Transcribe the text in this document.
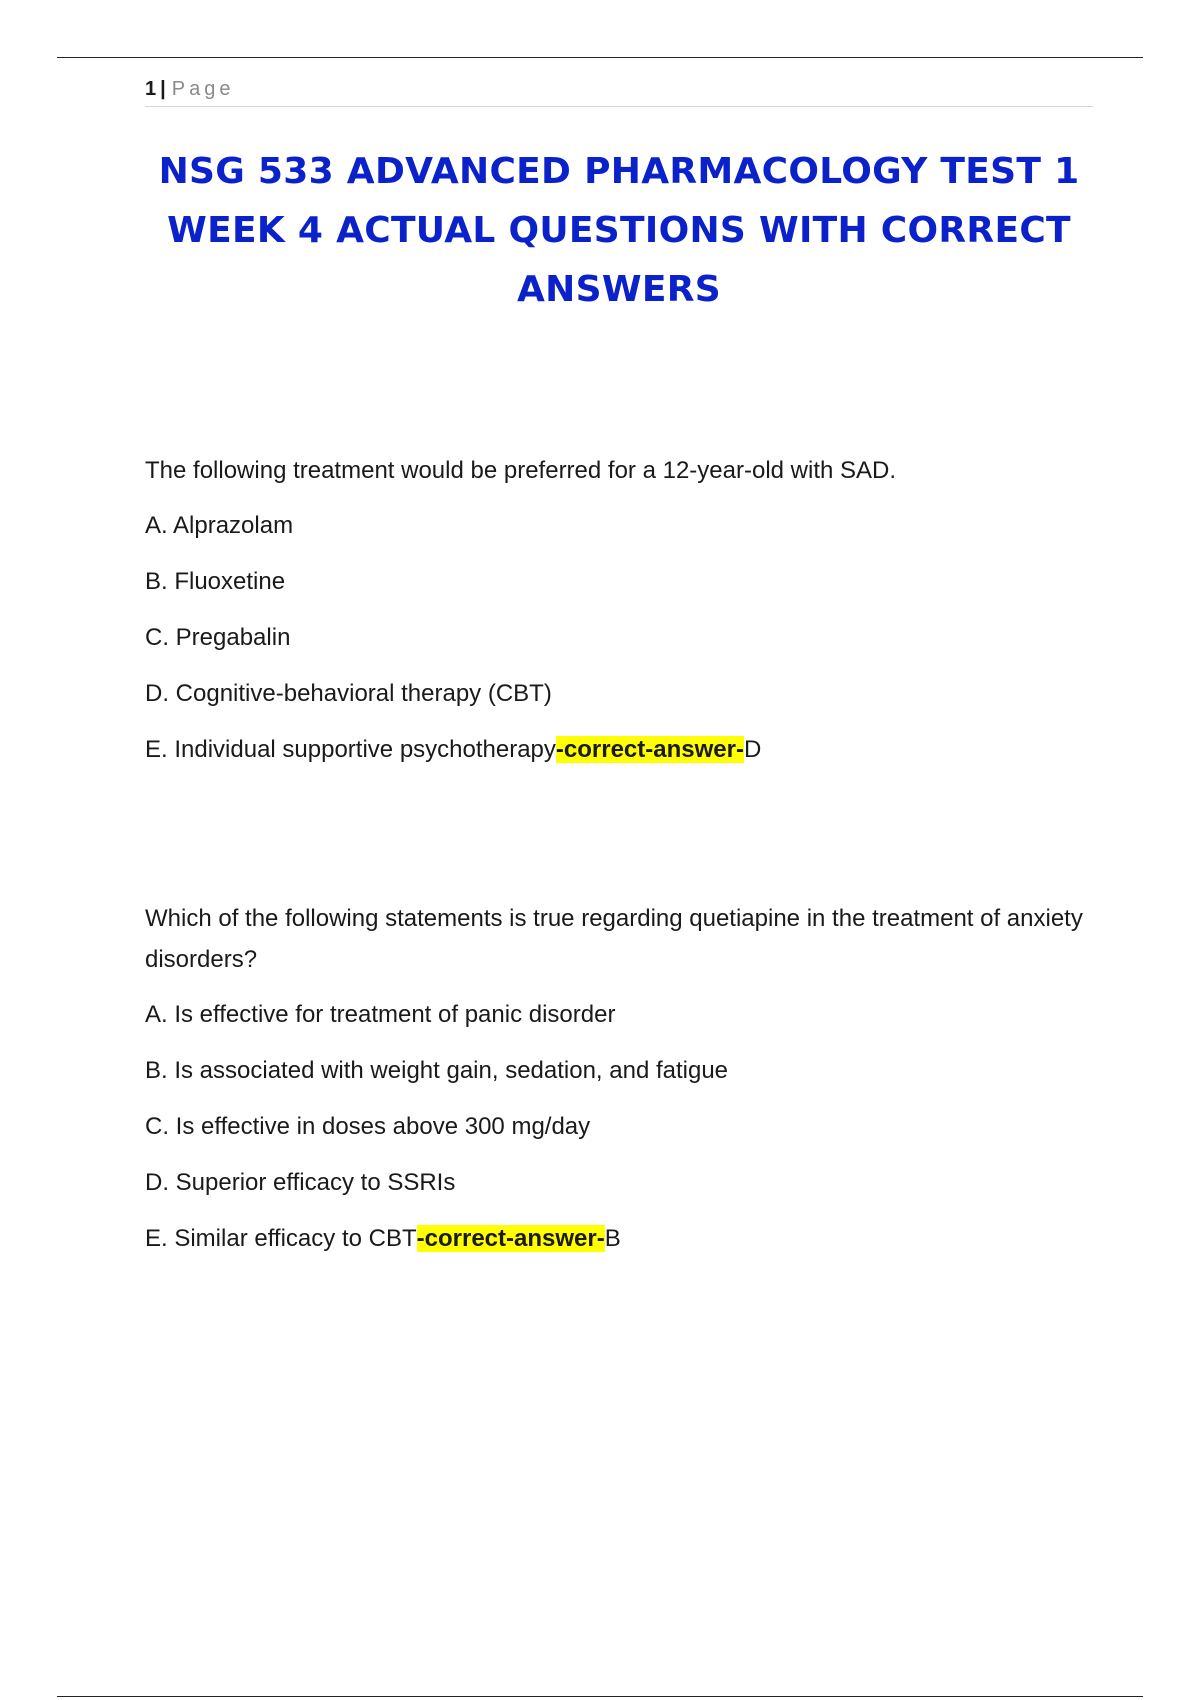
1 | Page
NSG 533 ADVANCED PHARMACOLOGY TEST 1
WEEK 4 ACTUAL QUESTIONS WITH CORRECT
ANSWERS

The following treatment would be preferred for a 12-year-old with SAD.

A. Alprazolam

B. Fluoxetine

C. Pregabalin

D. Cognitive-behavioral therapy (CBT)

E. Individual supportive psychotherapy-correct-answer-D

Which of the following statements is true regarding quetiapine in the treatment of anxiety disorders?

A. Is effective for treatment of panic disorder

B. Is associated with weight gain, sedation, and fatigue

C. Is effective in doses above 300 mg/day

D. Superior efficacy to SSRIs

E. Similar efficacy to CBT-correct-answer-B
